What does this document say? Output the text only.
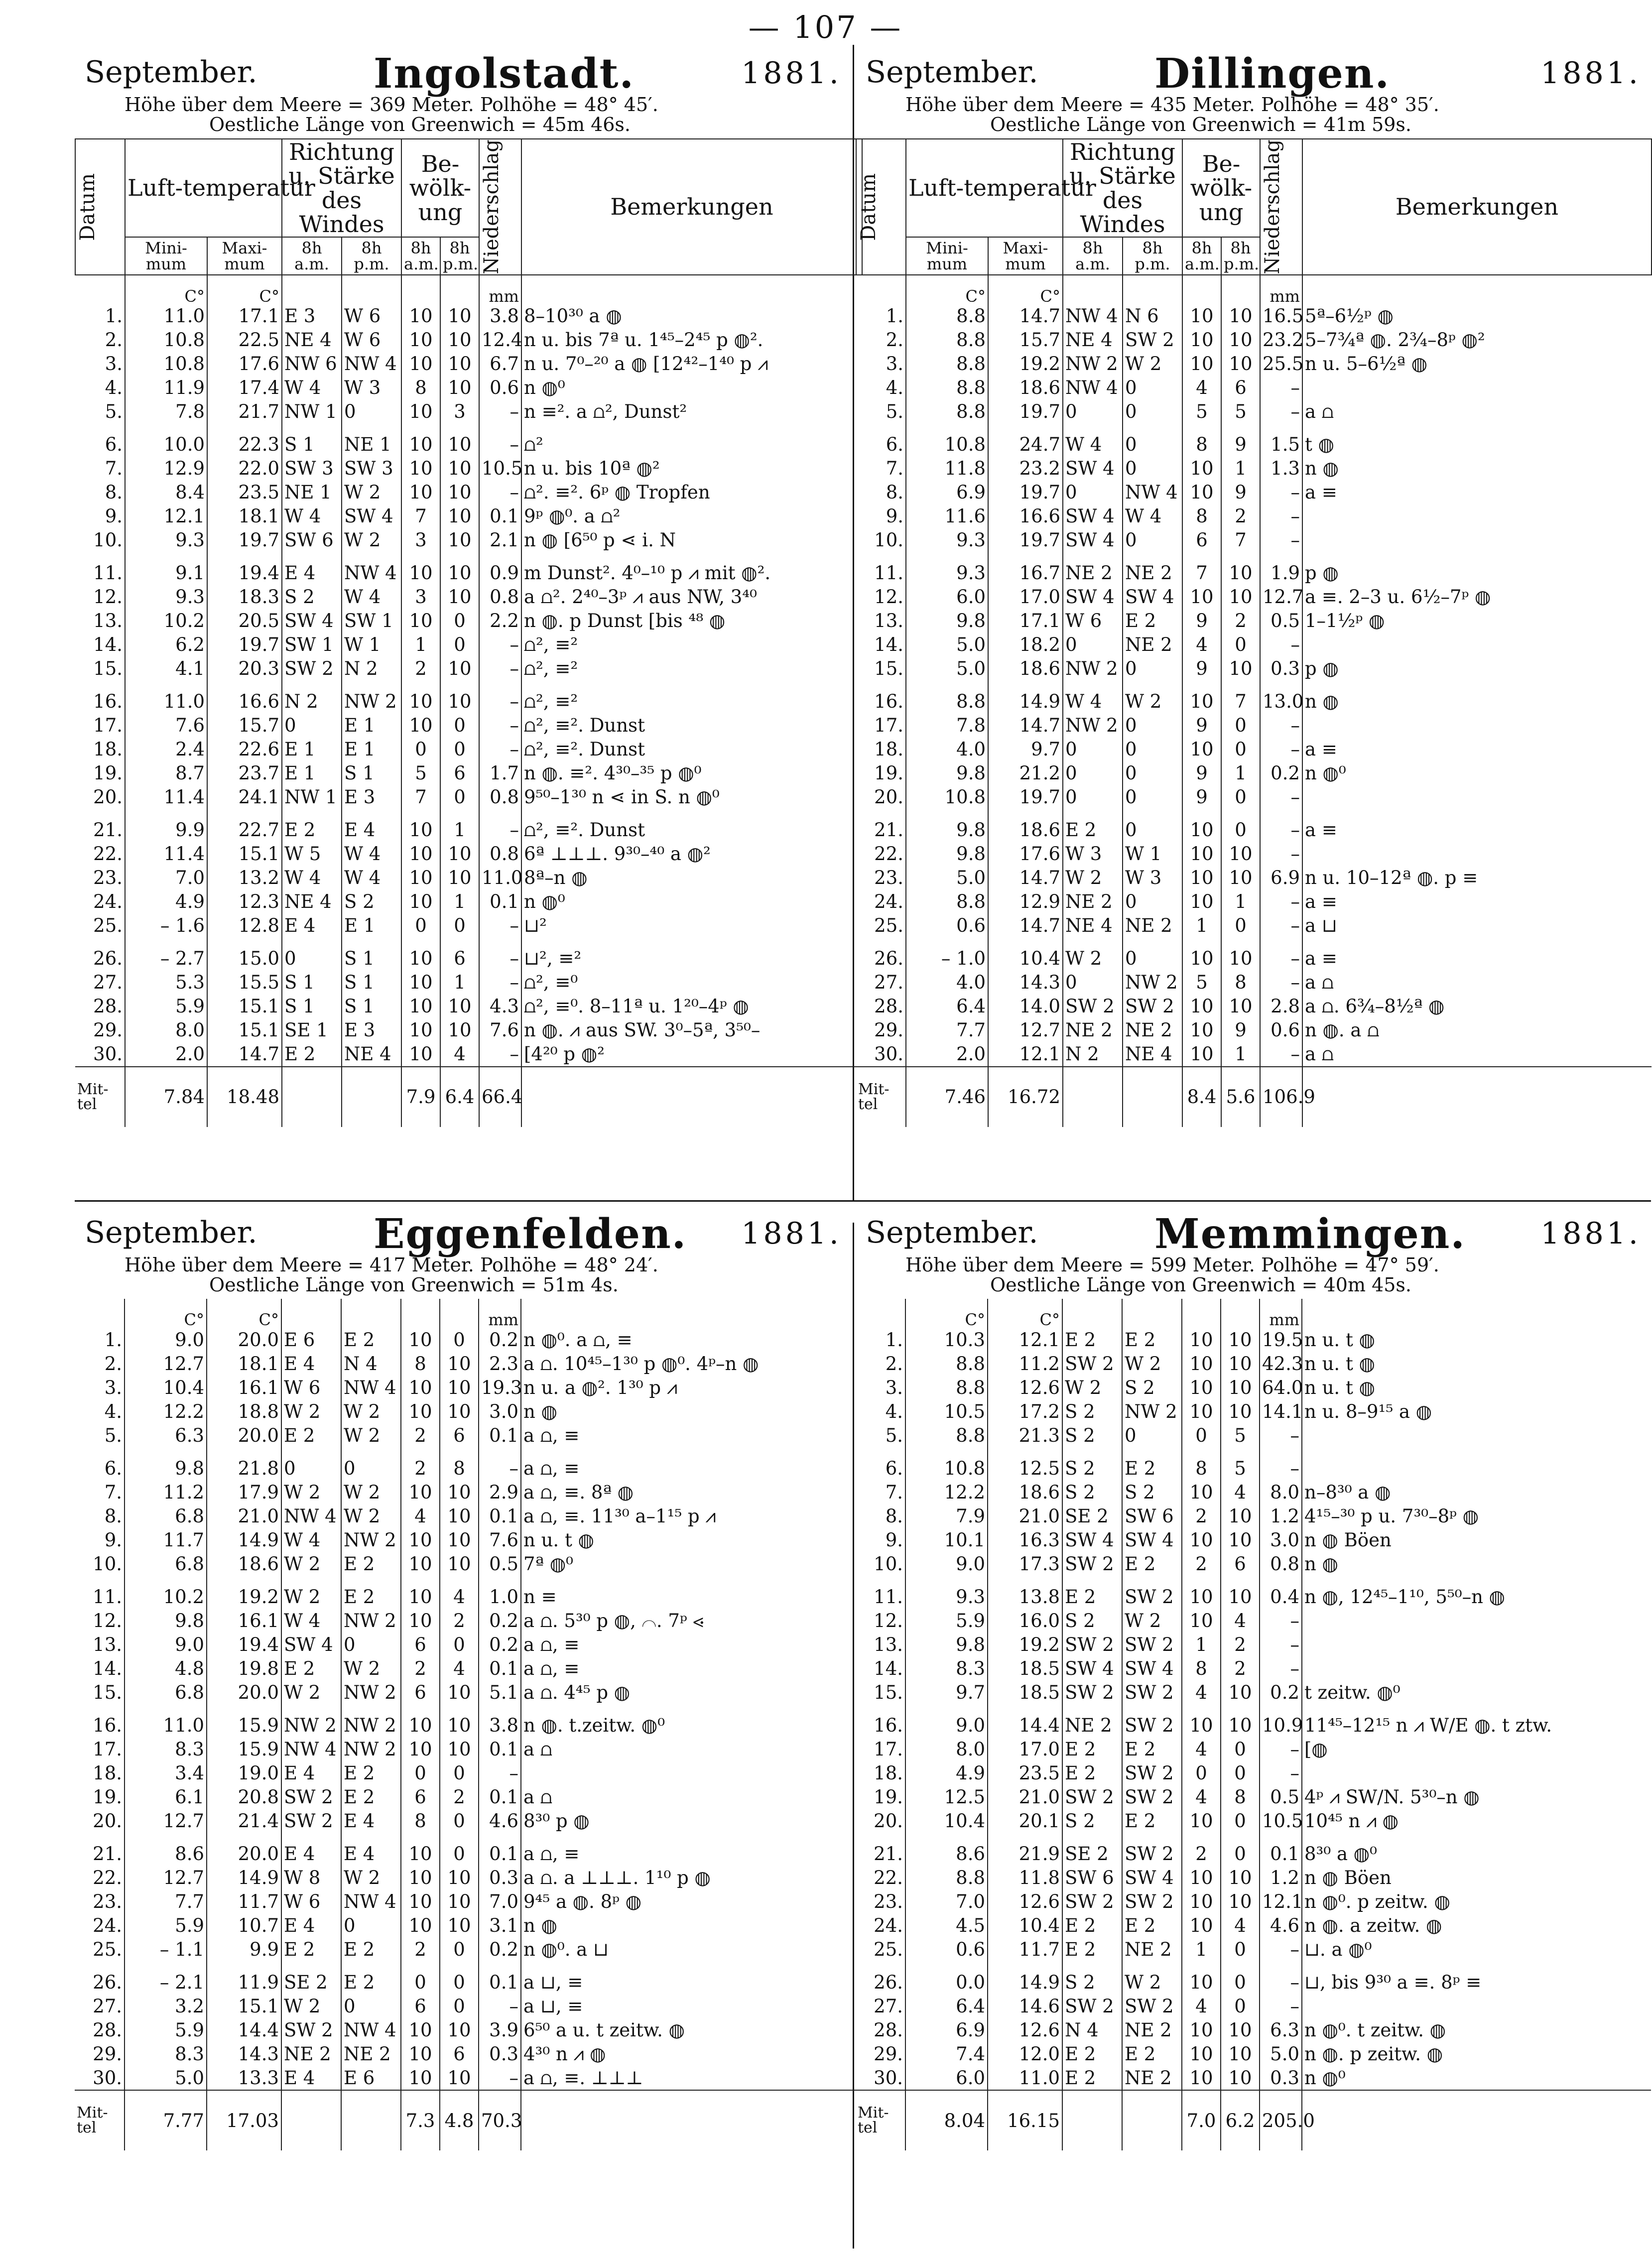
— 107 —
September.	Ingolstadt.	1881.
Höhe über dem Meere = 369 Meter. Polhöhe = 48° 45′.
Oestliche Länge von Greenwich = 45m 46s.
Datum	Luft-temperatur		Richtung u. Stärke des Windes		Be-wölk-ung		Niederschlag	Bemerkungen
	Mini-mum	Maxi-mum	8h a.m.	8h p.m.	8h a.m.	8h p.m.		
	C°	C°					mm	
1.	11.0	17.1	E 3	W 6	10	10	3.8	8–10³⁰ a ◍
2.	10.8	22.5	NE 4	W 6	10	10	12.4	n u. bis 7ª u. 1⁴⁵–2⁴⁵ p ◍².
3.	10.8	17.6	NW 6	NW 4	10	10	6.7	n u. 7⁰–²⁰ a ◍ [12⁴²–1⁴⁰ p ⩘
4.	11.9	17.4	W 4	W 3	8	10	0.6	n ◍⁰
5.	7.8	21.7	NW 1	0	10	3	–	n ≡². a ⩍², Dunst²

6.	10.0	22.3	S 1	NE 1	10	10	–	⩍²
7.	12.9	22.0	SW 3	SW 3	10	10	10.5	n u. bis 10ª ◍²
8.	8.4	23.5	NE 1	W 2	10	10	–	⩍². ≡². 6ᵖ ◍ Tropfen
9.	12.1	18.1	W 4	SW 4	7	10	0.1	9ᵖ ◍⁰. a ⩍²
10.	9.3	19.7	SW 6	W 2	3	10	2.1	n ◍ [6⁵⁰ p ⋖ i. N

11.	9.1	19.4	E 4	NW 4	10	10	0.9	m Dunst². 4⁰–¹⁰ p ⩘ mit ◍².
12.	9.3	18.3	S 2	W 4	3	10	0.8	a ⩍². 2⁴⁰–3ᵖ ⩘ aus NW, 3⁴⁰
13.	10.2	20.5	SW 4	SW 1	10	0	2.2	n ◍. p Dunst [bis ⁴⁸ ◍
14.	6.2	19.7	SW 1	W 1	1	0	–	⩍², ≡²
15.	4.1	20.3	SW 2	N 2	2	10	–	⩍², ≡²

16.	11.0	16.6	N 2	NW 2	10	10	–	⩍², ≡²
17.	7.6	15.7	0	E 1	10	0	–	⩍², ≡². Dunst
18.	2.4	22.6	E 1	E 1	0	0	–	⩍², ≡². Dunst
19.	8.7	23.7	E 1	S 1	5	6	1.7	n ◍. ≡². 4³⁰–³⁵ p ◍⁰
20.	11.4	24.1	NW 1	E 3	7	0	0.8	9⁵⁰–1³⁰ n ⋖ in S. n ◍⁰

21.	9.9	22.7	E 2	E 4	10	1	–	⩍², ≡². Dunst
22.	11.4	15.1	W 5	W 4	10	10	0.8	6ª ⊥⊥⊥. 9³⁰–⁴⁰ a ◍²
23.	7.0	13.2	W 4	W 4	10	10	11.0	8ª–n ◍
24.	4.9	12.3	NE 4	S 2	10	1	0.1	n ◍⁰
25.	– 1.6	12.8	E 4	E 1	0	0	–	⊔²

26.	– 2.7	15.0	0	S 1	10	6	–	⊔², ≡²
27.	5.3	15.5	S 1	S 1	10	1	–	⩍², ≡⁰
28.	5.9	15.1	S 1	S 1	10	10	4.3	⩍², ≡⁰. 8–11ª u. 1²⁰–4ᵖ ◍
29.	8.0	15.1	SE 1	E 3	10	10	7.6	n ◍. ⩘ aus SW. 3⁰–5ª, 3⁵⁰–
30.	2.0	14.7	E 2	NE 4	10	4	–	[4²⁰ p ◍²
Mit-tel	7.84	18.48			7.9	6.4	66.4	
September.	Dillingen.	1881.
Höhe über dem Meere = 435 Meter. Polhöhe = 48° 35′.
Oestliche Länge von Greenwich = 41m 59s.
Datum	Luft-temperatur		Richtung u. Stärke des Windes		Be-wölk-ung		Niederschlag	Bemerkungen
	Mini-mum	Maxi-mum	8h a.m.	8h p.m.	8h a.m.	8h p.m.		
	C°	C°					mm	
1.	8.8	14.7	NW 4	N 6	10	10	16.5	5ª–6½ᵖ ◍
2.	8.8	15.7	NE 4	SW 2	10	10	23.2	5–7¾ª ◍. 2¾–8ᵖ ◍²
3.	8.8	19.2	NW 2	W 2	10	10	25.5	n u. 5–6½ª ◍
4.	8.8	18.6	NW 4	0	4	6	–	
5.	8.8	19.7	0	0	5	5	–	a ⩍

6.	10.8	24.7	W 4	0	8	9	1.5	t ◍
7.	11.8	23.2	SW 4	0	10	1	1.3	n ◍
8.	6.9	19.7	0	NW 4	10	9	–	a ≡
9.	11.6	16.6	SW 4	W 4	8	2	–	
10.	9.3	19.7	SW 4	0	6	7	–	

11.	9.3	16.7	NE 2	NE 2	7	10	1.9	p ◍
12.	6.0	17.0	SW 4	SW 4	10	10	12.7	a ≡. 2–3 u. 6½–7ᵖ ◍
13.	9.8	17.1	W 6	E 2	9	2	0.5	1–1½ᵖ ◍
14.	5.0	18.2	0	NE 2	4	0	–	
15.	5.0	18.6	NW 2	0	9	10	0.3	p ◍

16.	8.8	14.9	W 4	W 2	10	7	13.0	n ◍
17.	7.8	14.7	NW 2	0	9	0	–	
18.	4.0	9.7	0	0	10	0	–	a ≡
19.	9.8	21.2	0	0	9	1	0.2	n ◍⁰
20.	10.8	19.7	0	0	9	0	–	

21.	9.8	18.6	E 2	0	10	0	–	a ≡
22.	9.8	17.6	W 3	W 1	10	10	–	
23.	5.0	14.7	W 2	W 3	10	10	6.9	n u. 10–12ª ◍. p ≡
24.	8.8	12.9	NE 2	0	10	1	–	a ≡
25.	0.6	14.7	NE 4	NE 2	1	0	–	a ⊔

26.	– 1.0	10.4	W 2	0	10	10	–	a ≡
27.	4.0	14.3	0	NW 2	5	8	–	a ⩍
28.	6.4	14.0	SW 2	SW 2	10	10	2.8	a ⩍. 6¾–8½ª ◍
29.	7.7	12.7	NE 2	NE 2	10	9	0.6	n ◍. a ⩍
30.	2.0	12.1	N 2	NE 4	10	1	–	a ⩍
Mit-tel	7.46	16.72			8.4	5.6	106.9	
September.	Eggenfelden. 1881.
Höhe über dem Meere = 417 Meter. Polhöhe = 48° 24′.
Oestliche Länge von Greenwich = 51m 4s.
	C°	C°					mm	
1.	9.0	20.0	E 6	E 2	10	0	0.2	n ◍⁰. a ⩍, ≡
2.	12.7	18.1	E 4	N 4	8	10	2.3	a ⩍. 10⁴⁵–1³⁰ p ◍⁰. 4ᵖ–n ◍
3.	10.4	16.1	W 6	NW 4	10	10	19.3	n u. a ◍². 1³⁰ p ⩘
4.	12.2	18.8	W 2	W 2	10	10	3.0	n ◍
5.	6.3	20.0	E 2	W 2	2	6	0.1	a ⩍, ≡

6.	9.8	21.8	0	0	2	8	–	a ⩍, ≡
7.	11.2	17.9	W 2	W 2	10	10	2.9	a ⩍, ≡. 8ª ◍
8.	6.8	21.0	NW 4	W 2	4	10	0.1	a ⩍, ≡. 11³⁰ a–1¹⁵ p ⩘
9.	11.7	14.9	W 4	NW 2	10	10	7.6	n u. t ◍
10.	6.8	18.6	W 2	E 2	10	10	0.5	7ª ◍⁰

11.	10.2	19.2	W 2	E 2	10	4	1.0	n ≡
12.	9.8	16.1	W 4	NW 2	10	2	0.2	a ⩍. 5³⁰ p ◍, ⌒. 7ᵖ ⋖
13.	9.0	19.4	SW 4	0	6	0	0.2	a ⩍, ≡
14.	4.8	19.8	E 2	W 2	2	4	0.1	a ⩍, ≡
15.	6.8	20.0	W 2	NW 2	6	10	5.1	a ⩍. 4⁴⁵ p ◍

16.	11.0	15.9	NW 2	NW 2	10	10	3.8	n ◍. t.zeitw. ◍⁰
17.	8.3	15.9	NW 4	NW 2	10	10	0.1	a ⩍
18.	3.4	19.0	E 4	E 2	0	0	–	
19.	6.1	20.8	SW 2	E 2	6	2	0.1	a ⩍
20.	12.7	21.4	SW 2	E 4	8	0	4.6	8³⁰ p ◍

21.	8.6	20.0	E 4	E 4	10	0	0.1	a ⩍, ≡
22.	12.7	14.9	W 8	W 2	10	10	0.3	a ⩍. a ⊥⊥⊥. 1¹⁰ p ◍
23.	7.7	11.7	W 6	NW 4	10	10	7.0	9⁴⁵ a ◍. 8ᵖ ◍
24.	5.9	10.7	E 4	0	10	10	3.1	n ◍
25.	– 1.1	9.9	E 2	E 2	2	0	0.2	n ◍⁰. a ⊔

26.	– 2.1	11.9	SE 2	E 2	0	0	0.1	a ⊔, ≡
27.	3.2	15.1	W 2	0	6	0	–	a ⊔, ≡
28.	5.9	14.4	SW 2	NW 4	10	10	3.9	6⁵⁰ a u. t zeitw. ◍
29.	8.3	14.3	NE 2	NE 2	10	6	0.3	4³⁰ n ⩘ ◍
30.	5.0	13.3	E 4	E 6	10	10	–	a ⩍, ≡. ⊥⊥⊥
Mit-tel	7.77	17.03			7.3	4.8	70.3	
September.	Memmingen.	1881.
Höhe über dem Meere = 599 Meter. Polhöhe = 47° 59′.
Oestliche Länge von Greenwich = 40m 45s.
	C°	C°					mm	
1.	10.3	12.1	E 2	E 2	10	10	19.5	n u. t ◍
2.	8.8	11.2	SW 2	W 2	10	10	42.3	n u. t ◍
3.	8.8	12.6	W 2	S 2	10	10	64.0	n u. t ◍
4.	10.5	17.2	S 2	NW 2	10	10	14.1	n u. 8–9¹⁵ a ◍
5.	8.8	21.3	S 2	0	0	5	–	

6.	10.8	12.5	S 2	E 2	8	5	–	
7.	12.2	18.6	S 2	S 2	10	4	8.0	n–8³⁰ a ◍
8.	7.9	21.0	SE 2	SW 6	2	10	1.2	4¹⁵–³⁰ p u. 7³⁰–8ᵖ ◍
9.	10.1	16.3	SW 4	SW 4	10	10	3.0	n ◍ Böen
10.	9.0	17.3	SW 2	E 2	2	6	0.8	n ◍

11.	9.3	13.8	E 2	SW 2	10	10	0.4	n ◍, 12⁴⁵–1¹⁰, 5⁵⁰–n ◍
12.	5.9	16.0	S 2	W 2	10	4	–	
13.	9.8	19.2	SW 2	SW 2	1	2	–	
14.	8.3	18.5	SW 4	SW 4	8	2	–	
15.	9.7	18.5	SW 2	SW 2	4	10	0.2	t zeitw. ◍⁰

16.	9.0	14.4	NE 2	SW 2	10	10	10.9	11⁴⁵–12¹⁵ n ⩘ W/E ◍. t ztw.
17.	8.0	17.0	E 2	E 2	4	0	–	[◍
18.	4.9	23.5	E 2	SW 2	0	0	–	
19.	12.5	21.0	SW 2	SW 2	4	8	0.5	4ᵖ ⩘ SW/N. 5³⁰–n ◍
20.	10.4	20.1	S 2	E 2	10	0	10.5	10⁴⁵ n ⩘ ◍

21.	8.6	21.9	SE 2	SW 2	2	0	0.1	8³⁰ a ◍⁰
22.	8.8	11.8	SW 6	SW 4	10	10	1.2	n ◍ Böen
23.	7.0	12.6	SW 2	SW 2	10	10	12.1	n ◍⁰. p zeitw. ◍
24.	4.5	10.4	E 2	E 2	10	4	4.6	n ◍. a zeitw. ◍
25.	0.6	11.7	E 2	NE 2	1	0	–	⊔. a ◍⁰

26.	0.0	14.9	S 2	W 2	10	0	–	⊔, bis 9³⁰ a ≡. 8ᵖ ≡
27.	6.4	14.6	SW 2	SW 2	4	0	–	
28.	6.9	12.6	N 4	NE 2	10	10	6.3	n ◍⁰. t zeitw. ◍
29.	7.4	12.0	E 2	E 2	10	10	5.0	n ◍. p zeitw. ◍
30.	6.0	11.0	E 2	NE 2	10	10	0.3	n ◍⁰
Mit-tel	8.04	16.15			7.0	6.2	205.0	
